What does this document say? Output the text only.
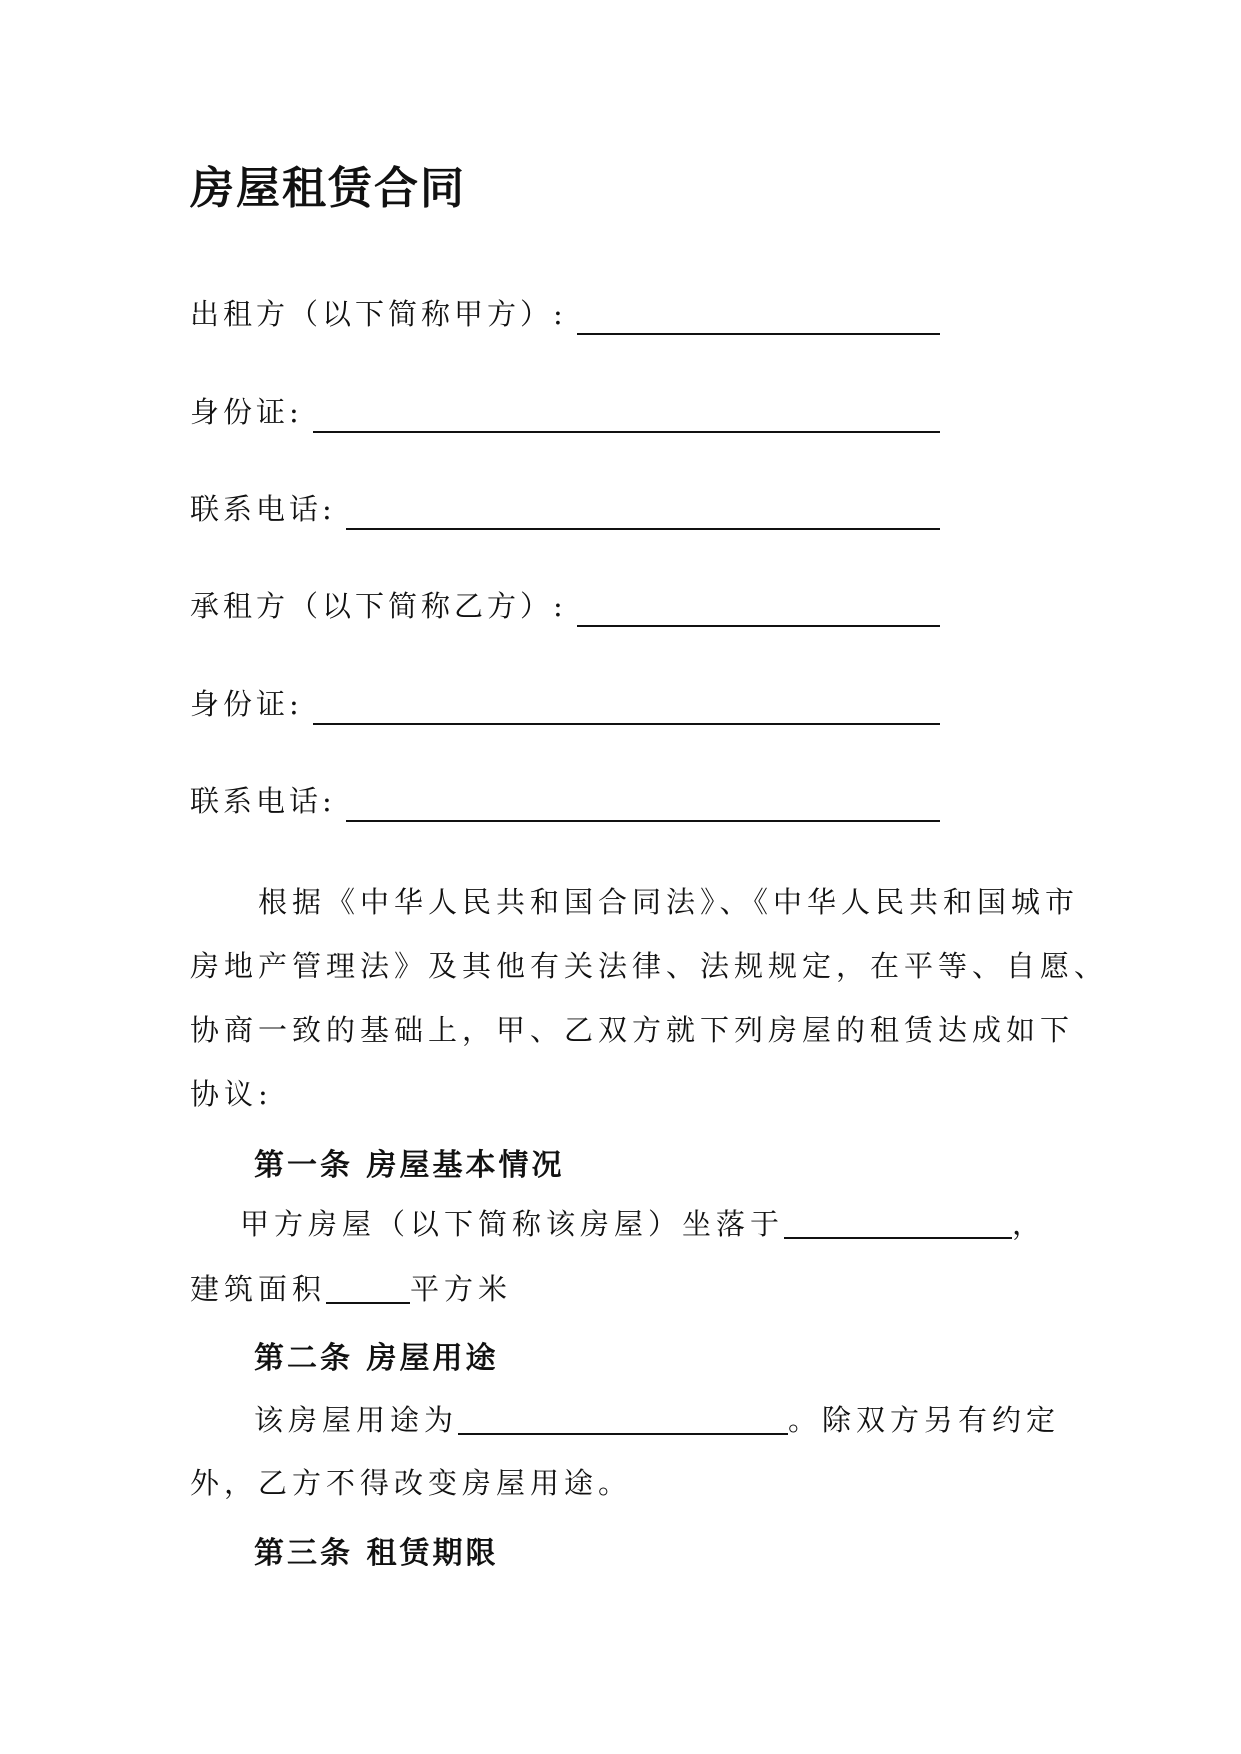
房屋租赁合同
出租方（以下简称甲方）:
身份证:
联系电话:
承租方（以下简称乙方）:
身份证:
联系电话:
　　根据《中华人民共和国合同法》、《中华人民共和国城市
房地产管理法》及其他有关法律、法规规定，在平等、自愿、
协商一致的基础上，甲、乙双方就下列房屋的租赁达成如下
协议:
第一条 房屋基本情况
甲方房屋（以下简称该房屋）坐落于	，
建筑面积	平方米
第二条 房屋用途
该房屋用途为	。除双方另有约定
外，乙方不得改变房屋用途。
第三条 租赁期限
